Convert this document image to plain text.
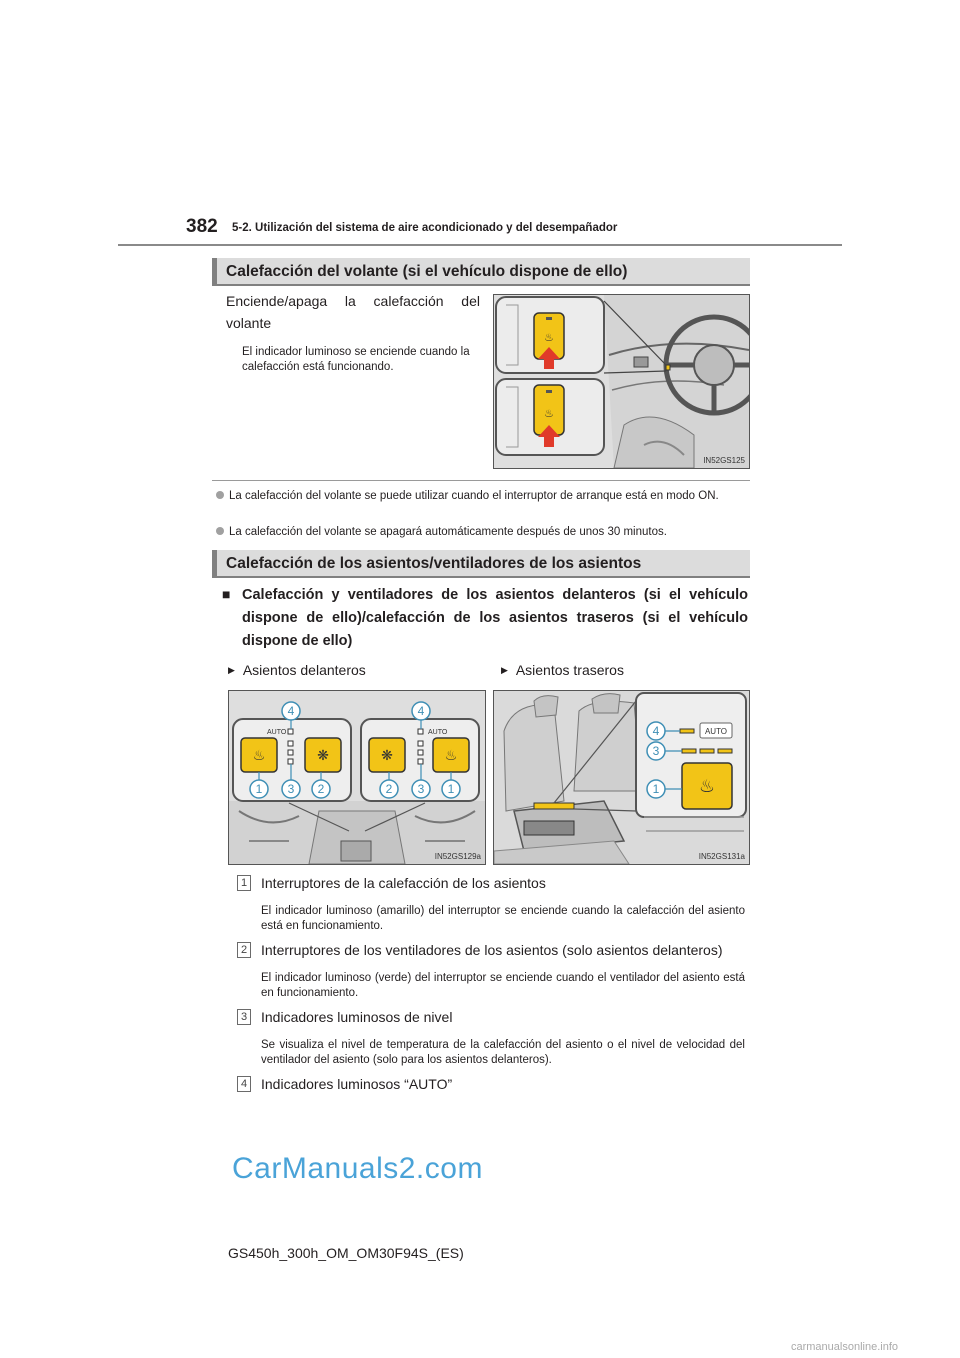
382 5-2. Utilización del sistema de aire acondicionado y del desempañador
Calefacción del volante (si el vehículo dispone de ello)
Enciende/apaga la calefacción del volante
El indicador luminoso se enciende cuando la calefacción está funcionando.
♨
♨
IN52GS125
La calefacción del volante se puede utilizar cuando el interruptor de arranque está en modo ON.
La calefacción del volante se apagará automáticamente después de unos 30 minutos.
Calefacción de los asientos/ventiladores de los asientos
■ Calefacción y ventiladores de los asientos delanteros (si el vehículo dispone de ello)/calefacción de los asientos traseros (si el vehículo dispone de ello)
▶ Asientos delanteros	▶ Asientos traseros
AUTO
♨	❋
AUTO
❋	♨
4	4
1 3 2	2 3 1
IN52GS129a
AUTO
♨
4
3
1
IN52GS131a
1 Interruptores de la calefacción de los asientos
El indicador luminoso (amarillo) del interruptor se enciende cuando la calefacción del asiento está en funcionamiento.
2 Interruptores de los ventiladores de los asientos (solo asientos delanteros)
El indicador luminoso (verde) del interruptor se enciende cuando el ventilador del asiento está en funcionamiento.
3 Indicadores luminosos de nivel
Se visualiza el nivel de temperatura de la calefacción del asiento o el nivel de velocidad del ventilador del asiento (solo para los asientos delanteros).
4 Indicadores luminosos “AUTO”
CarManuals2.com
GS450h_300h_OM_OM30F94S_(ES)
carmanualsonline.info
